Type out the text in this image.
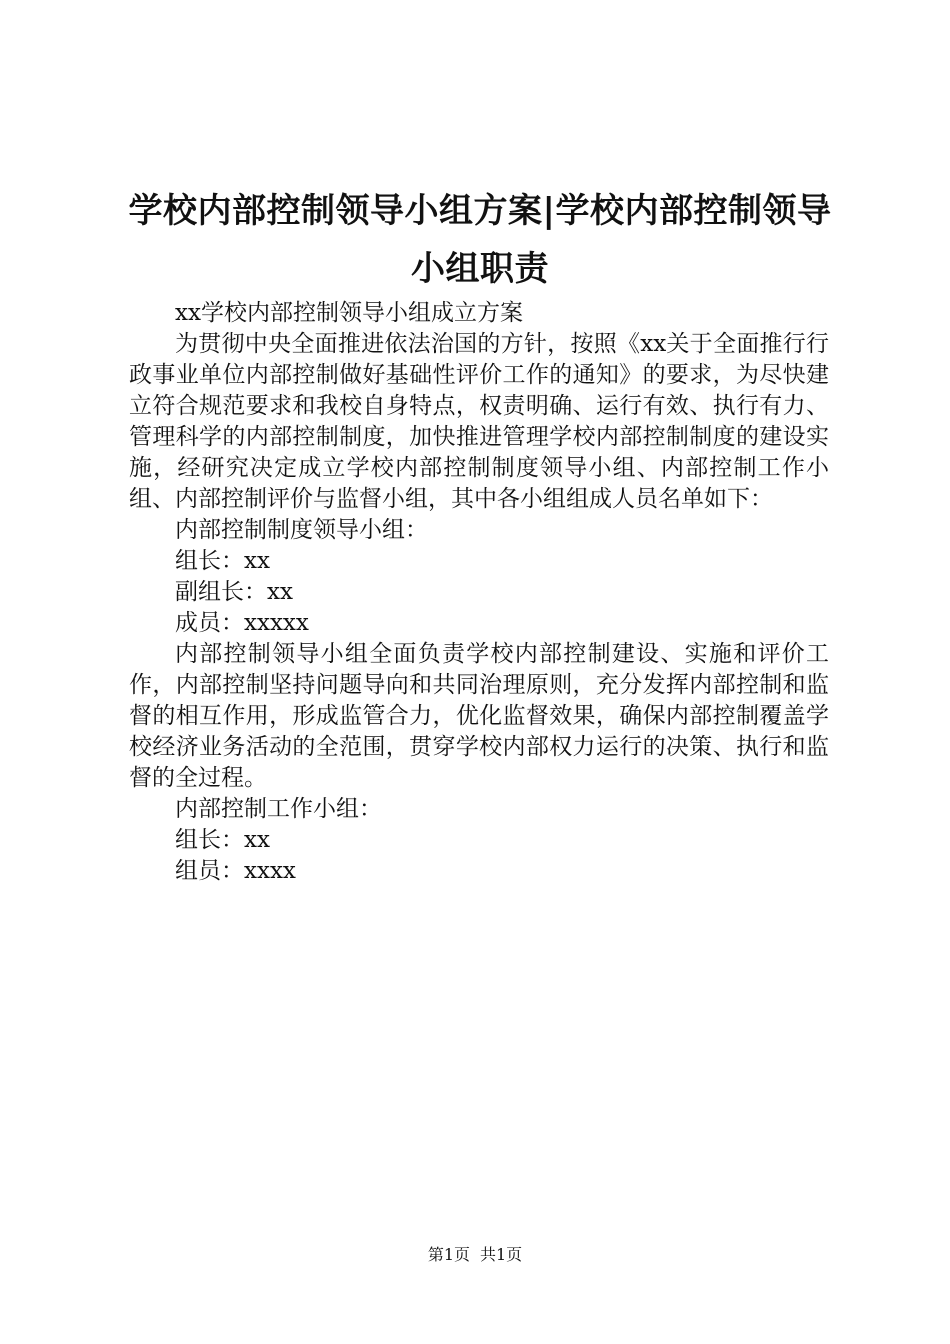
学校内部控制领导小组方案|学校内部控制领导小组职责

xx学校内部控制领导小组成立方案

为贯彻中央全面推进依法治国的方针，按照《xx关于全面推行行政事业单位内部控制做好基础性评价工作的通知》的要求，为尽快建立符合规范要求和我校自身特点，权责明确、运行有效、执行有力、管理科学的内部控制制度，加快推进管理学校内部控制制度的建设实施，经研究决定成立学校内部控制制度领导小组、内部控制工作小组、内部控制评价与监督小组，其中各小组组成人员名单如下：

内部控制制度领导小组：

组长：xx

副组长：xx

成员：xxxxx

内部控制领导小组全面负责学校内部控制建设、实施和评价工作，内部控制坚持问题导向和共同治理原则，充分发挥内部控制和监督的相互作用，形成监管合力，优化监督效果，确保内部控制覆盖学校经济业务活动的全范围，贯穿学校内部权力运行的决策、执行和监督的全过程。

内部控制工作小组：

组长：xx

组员：xxxx

第1页 共1页
